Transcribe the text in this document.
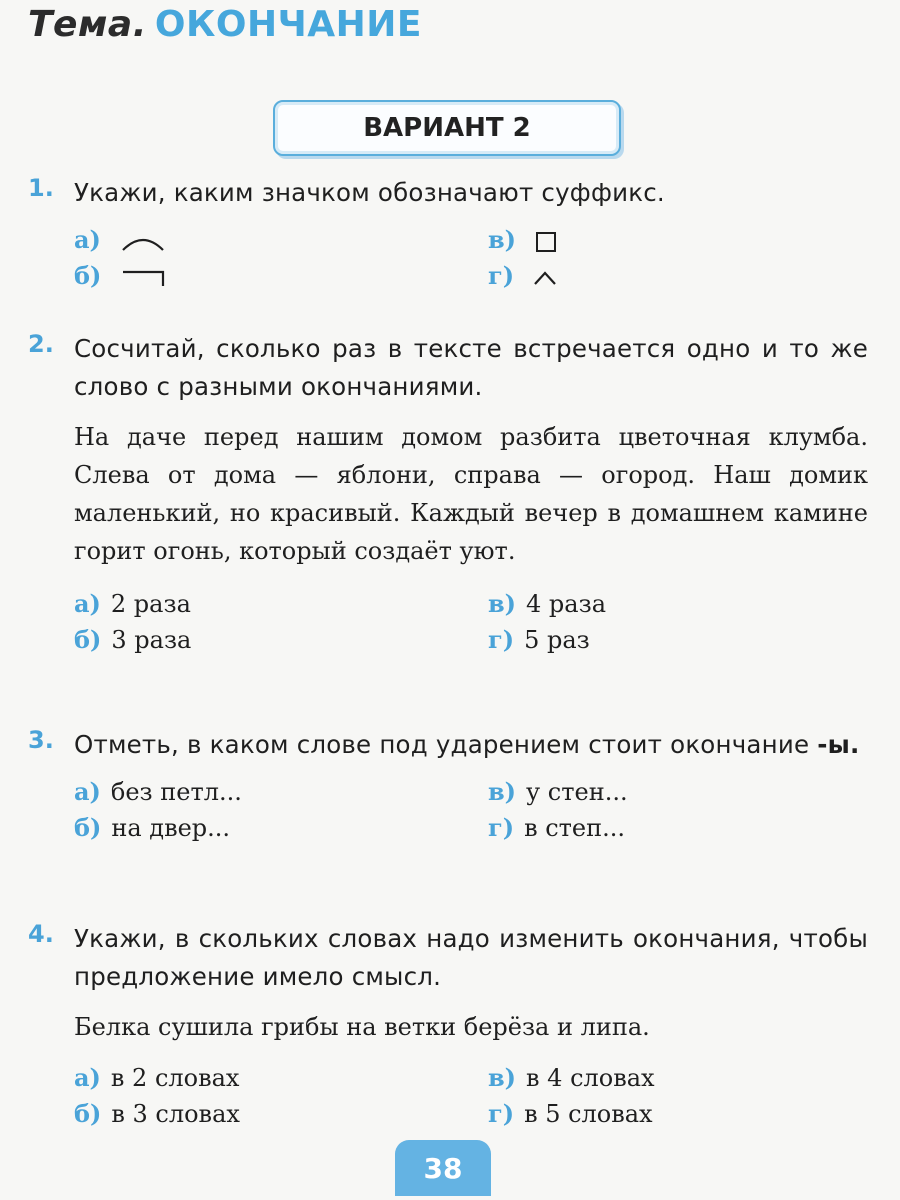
Тема. ОКОНЧАНИЕ
ВАРИАНТ 2
1. Укажи, каким значком обозначают суффикс.
а)
б)
в)
г)
2. Сосчитай, сколько раз в тексте встречается одно и то же слово с разными окончаниями.
На даче перед нашим домом разбита цветочная клумба. Слева от дома — яблони, справа — огород. Наш домик маленький, но красивый. Каждый вечер в домашнем камине горит огонь, который создаёт уют.
а) 2 раза
б) 3 раза
в) 4 раза
г) 5 раз
3. Отметь, в каком слове под ударением стоит окончание -ы.
а) без петл...
б) на двер...
в) у стен...
г) в степ...
4. Укажи, в скольких словах надо изменить окончания, чтобы предложение имело смысл.
Белка сушила грибы на ветки берёза и липа.
а) в 2 словах
б) в 3 словах
в) в 4 словах
г) в 5 словах
38
